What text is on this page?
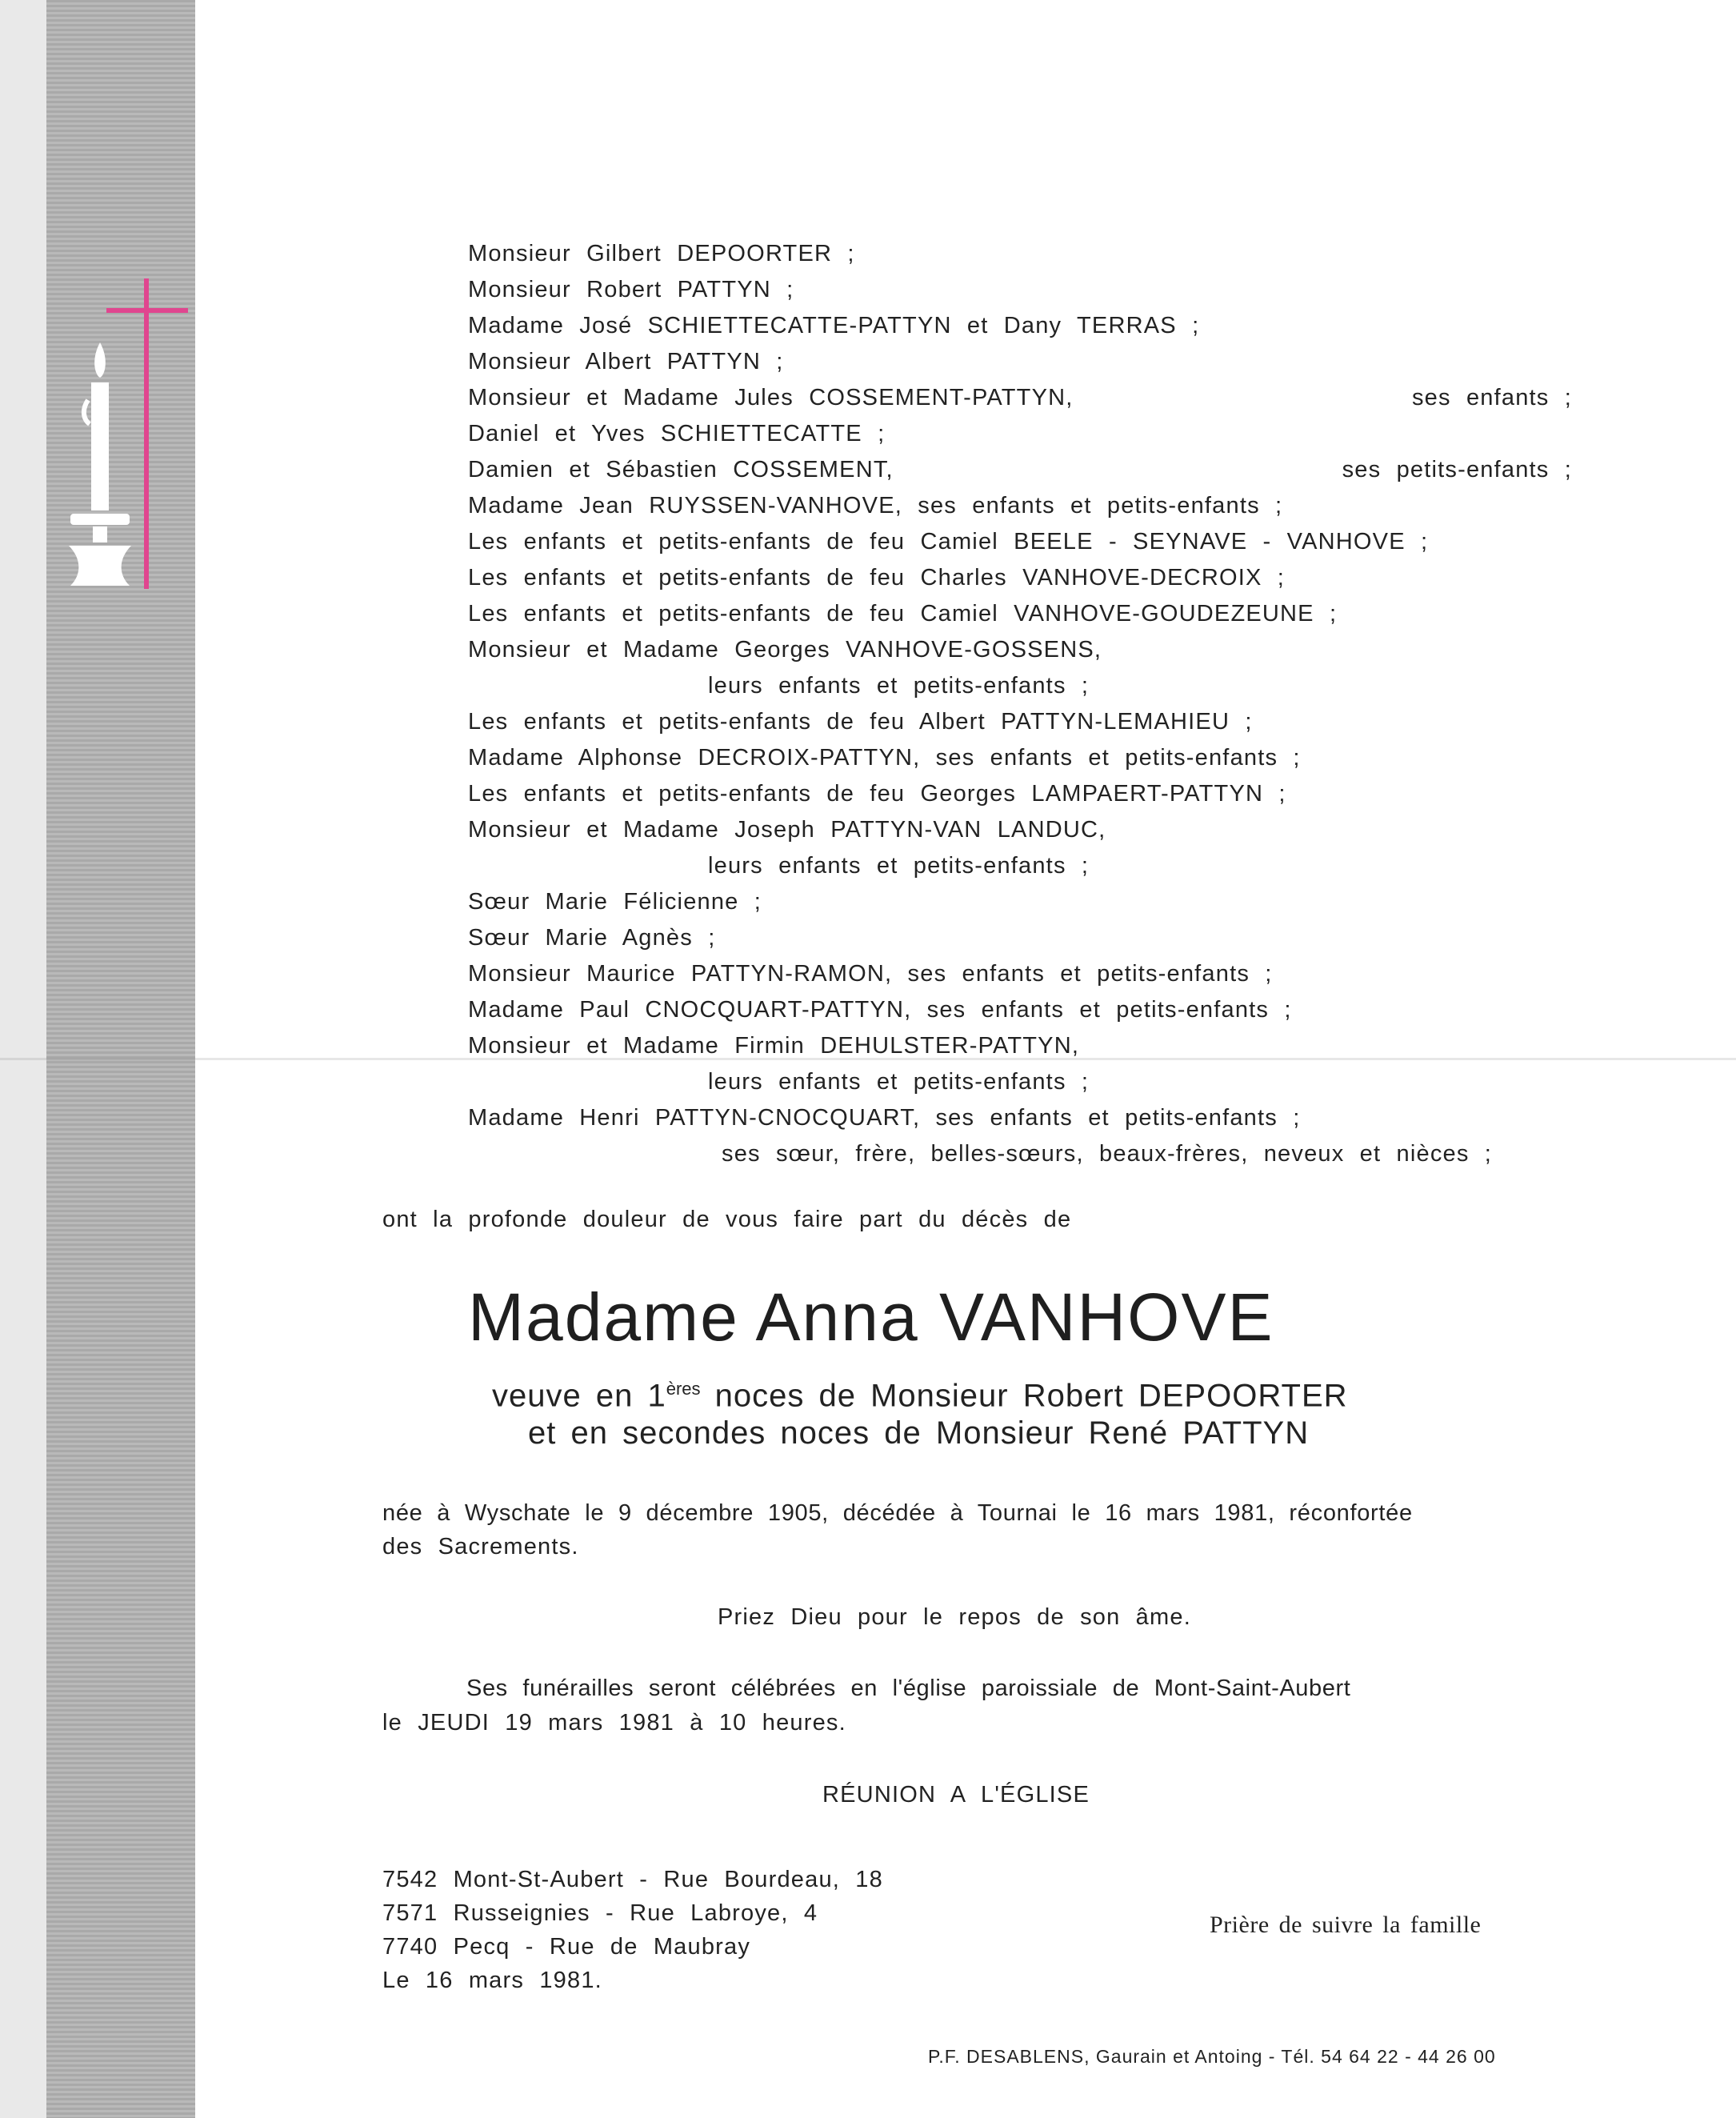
Monsieur Gilbert DEPOORTER ;
Monsieur Robert PATTYN ;
Madame José SCHIETTECATTE-PATTYN et Dany TERRAS ;
Monsieur Albert PATTYN ;
Monsieur et Madame Jules COSSEMENT-PATTYN,	ses enfants ;
Daniel et Yves SCHIETTECATTE ;
Damien et Sébastien COSSEMENT,	ses petits-enfants ;
Madame Jean RUYSSEN-VANHOVE, ses enfants et petits-enfants ;
Les enfants et petits-enfants de feu Camiel BEELE - SEYNAVE - VANHOVE ;
Les enfants et petits-enfants de feu Charles VANHOVE-DECROIX ;
Les enfants et petits-enfants de feu Camiel VANHOVE-GOUDEZEUNE ;
Monsieur et Madame Georges VANHOVE-GOSSENS,
leurs enfants et petits-enfants ;
Les enfants et petits-enfants de feu Albert PATTYN-LEMAHIEU ;
Madame Alphonse DECROIX-PATTYN, ses enfants et petits-enfants ;
Les enfants et petits-enfants de feu Georges LAMPAERT-PATTYN ;
Monsieur et Madame Joseph PATTYN-VAN LANDUC,
leurs enfants et petits-enfants ;
Sœur Marie Félicienne ;
Sœur Marie Agnès ;
Monsieur Maurice PATTYN-RAMON, ses enfants et petits-enfants ;
Madame Paul CNOCQUART-PATTYN, ses enfants et petits-enfants ;
Monsieur et Madame Firmin DEHULSTER-PATTYN,
leurs enfants et petits-enfants ;
Madame Henri PATTYN-CNOCQUART, ses enfants et petits-enfants ;
ses sœur, frère, belles-sœurs, beaux-frères, neveux et nièces ;
ont la profonde douleur de vous faire part du décès de
Madame Anna VANHOVE
veuve en 1ères noces de Monsieur Robert DEPOORTER
et en secondes noces de Monsieur René PATTYN
née à Wyschate le 9 décembre 1905, décédée à Tournai le 16 mars 1981, réconfortée
des Sacrements.
Priez Dieu pour le repos de son âme.
Ses funérailles seront célébrées en l'église paroissiale de Mont-Saint-Aubert
le JEUDI 19 mars 1981 à 10 heures.
RÉUNION A L'ÉGLISE
7542 Mont-St-Aubert - Rue Bourdeau, 18
7571 Russeignies - Rue Labroye, 4
7740 Pecq - Rue de Maubray
Le 16 mars 1981.
Prière de suivre la famille
P.F. DESABLENS, Gaurain et Antoing - Tél. 54 64 22 - 44 26 00
